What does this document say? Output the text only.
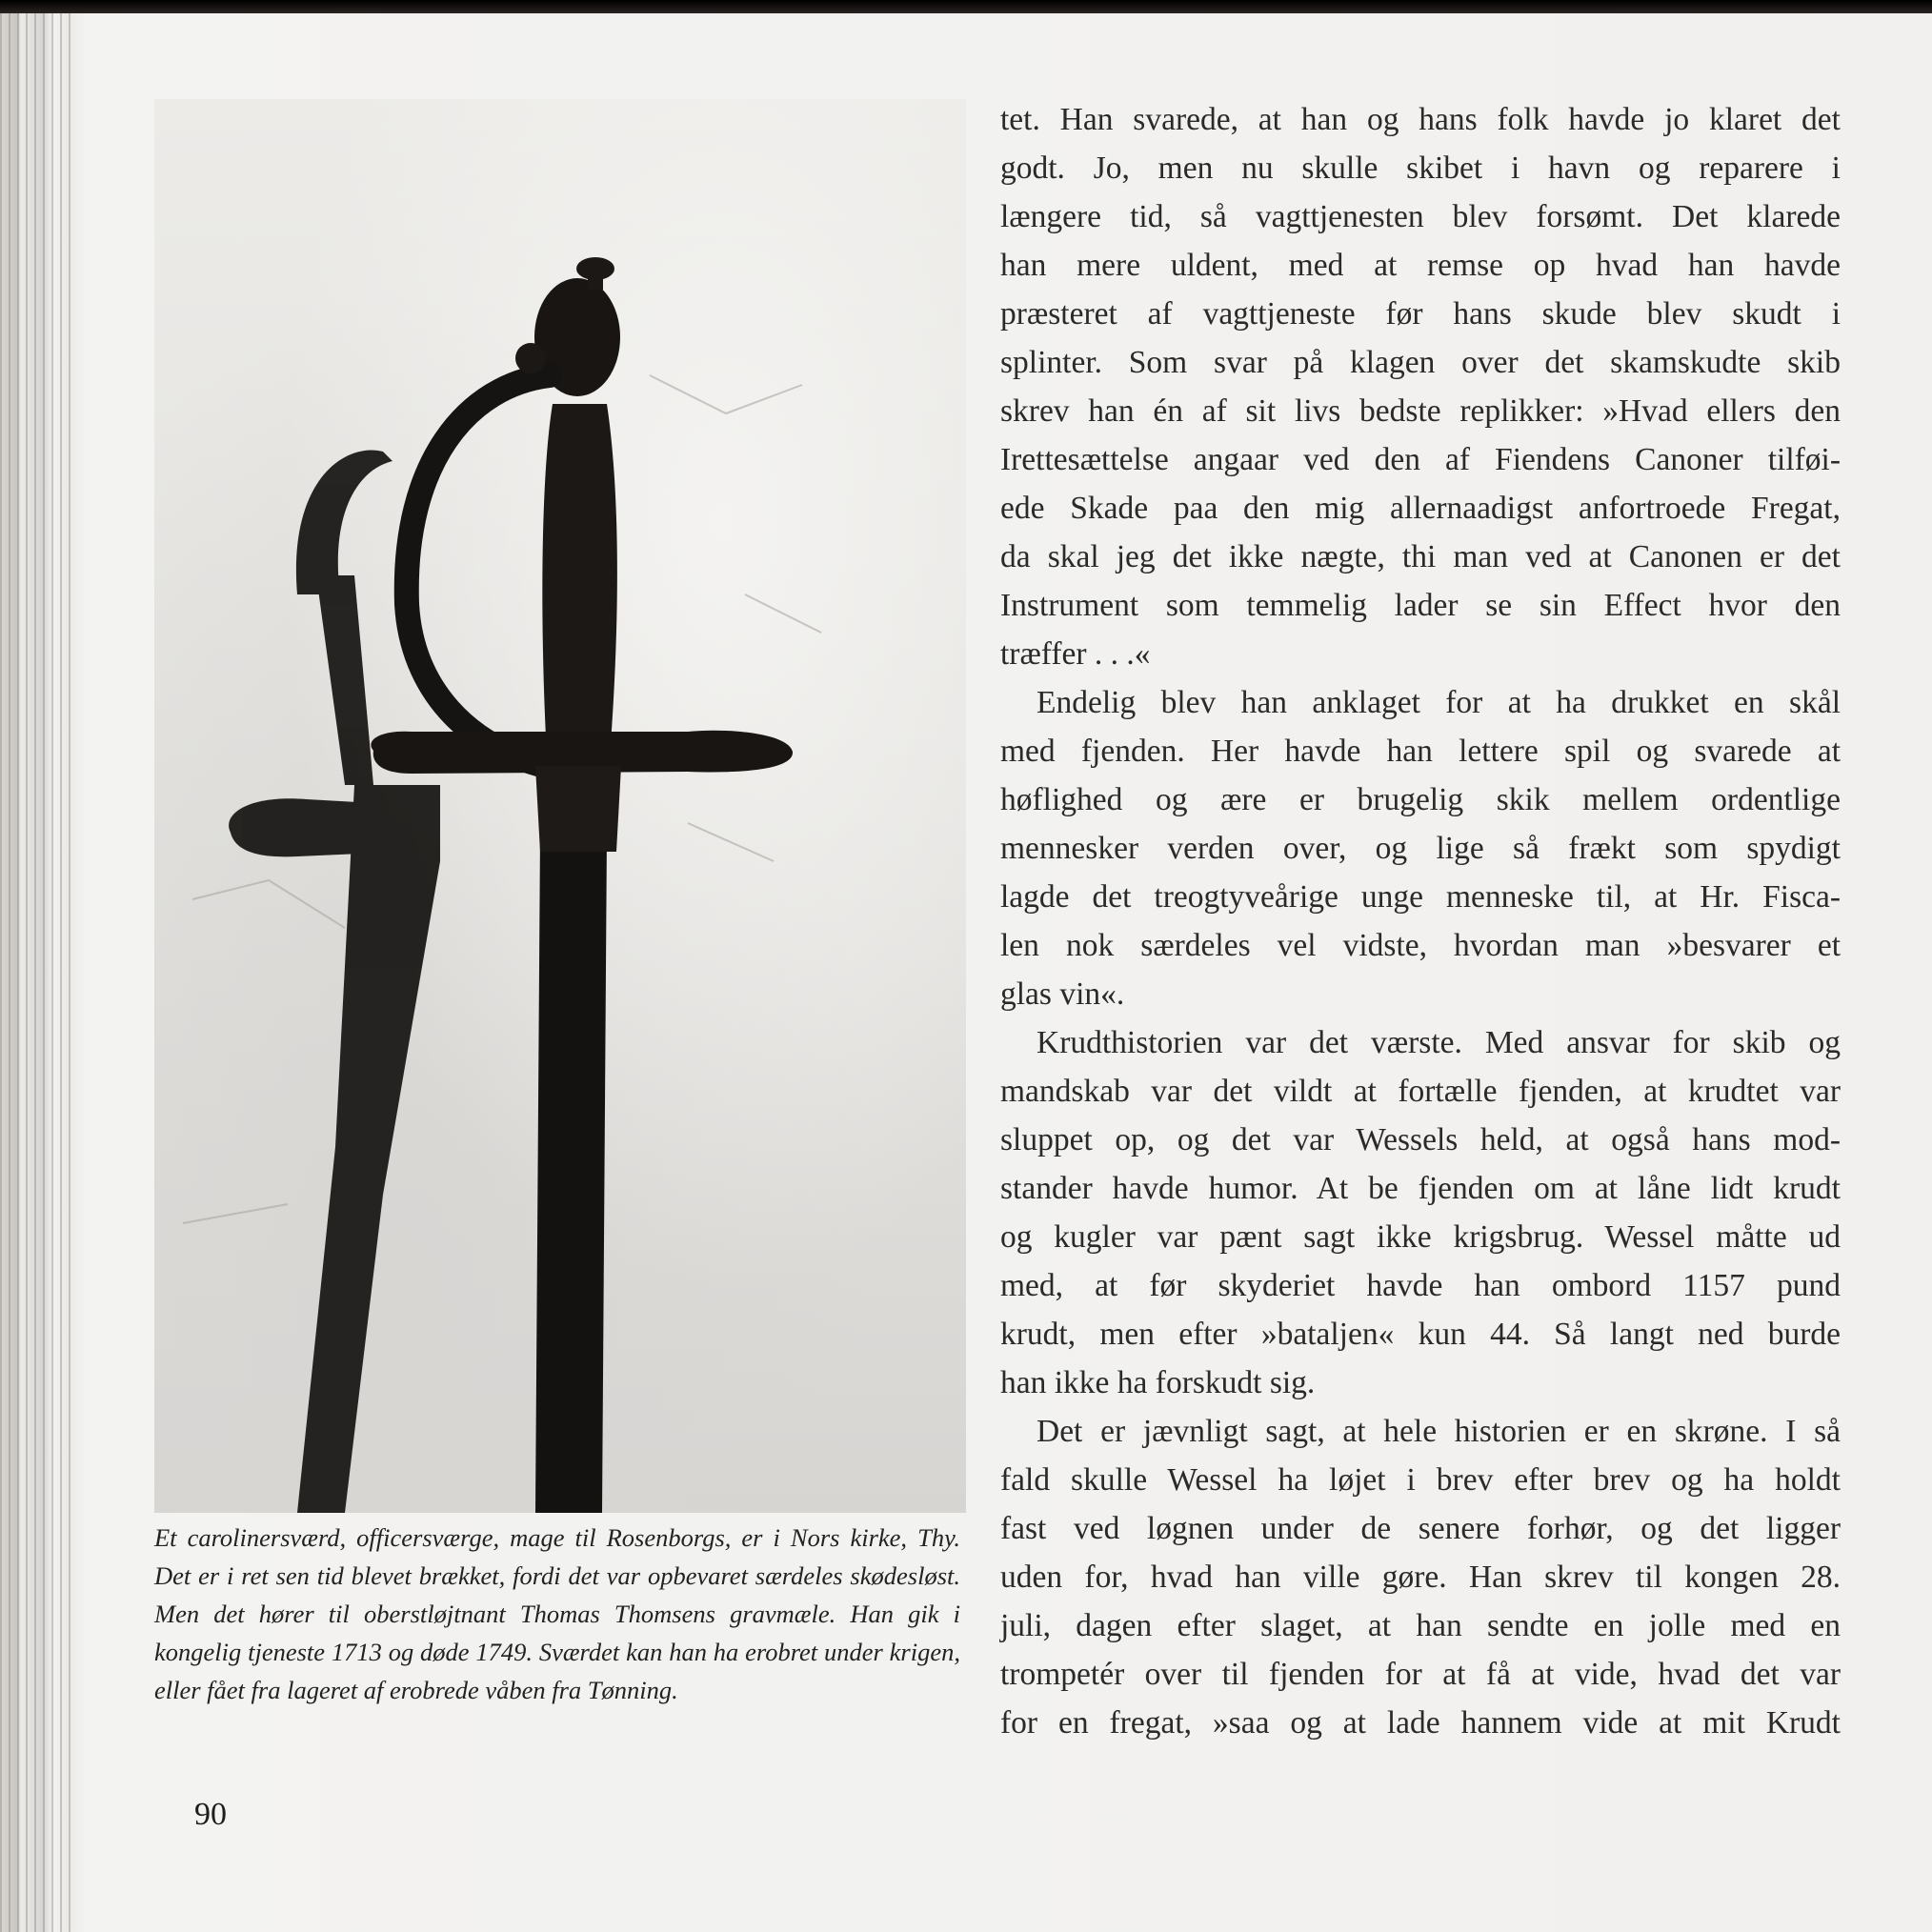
Et carolinersværd, officersværge, mage til Rosenborgs, er i Nors kirke, Thy. Det er i ret sen tid blevet brækket, fordi det var opbevaret særdeles skødesløst. Men det hører til oberstløjtnant Thomas Thomsens gravmæle. Han gik i kongelig tjeneste 1713 og døde 1749. Sværdet kan han ha erobret under krigen, eller fået fra lageret af erobrede våben fra Tønning.
90

tet. Han svarede, at han og hans folk havde jo klaret det

godt. Jo, men nu skulle skibet i havn og reparere i

længere tid, så vagttjenesten blev forsømt. Det klarede

han mere uldent, med at remse op hvad han havde

præsteret af vagttjeneste før hans skude blev skudt i

splinter. Som svar på klagen over det skamskudte skib

skrev han én af sit livs bedste replikker: »Hvad ellers den

Irettesættelse angaar ved den af Fiendens Canoner tilføi-

ede Skade paa den mig allernaadigst anfortroede Fregat,

da skal jeg det ikke nægte, thi man ved at Canonen er det

Instrument som temmelig lader se sin Effect hvor den

træffer . . .«

Endelig blev han anklaget for at ha drukket en skål

med fjenden. Her havde han lettere spil og svarede at

høflighed og ære er brugelig skik mellem ordentlige

mennesker verden over, og lige så frækt som spydigt

lagde det treogtyveårige unge menneske til, at Hr. Fisca-

len nok særdeles vel vidste, hvordan man »besvarer et

glas vin«.

Krudthistorien var det værste. Med ansvar for skib og

mandskab var det vildt at fortælle fjenden, at krudtet var

sluppet op, og det var Wessels held, at også hans mod-

stander havde humor. At be fjenden om at låne lidt krudt

og kugler var pænt sagt ikke krigsbrug. Wessel måtte ud

med, at før skyderiet havde han ombord 1157 pund

krudt, men efter »bataljen« kun 44. Så langt ned burde

han ikke ha forskudt sig.

Det er jævnligt sagt, at hele historien er en skrøne. I så

fald skulle Wessel ha løjet i brev efter brev og ha holdt

fast ved løgnen under de senere forhør, og det ligger

uden for, hvad han ville gøre. Han skrev til kongen 28.

juli, dagen efter slaget, at han sendte en jolle med en

trompetér over til fjenden for at få at vide, hvad det var

for en fregat, »saa og at lade hannem vide at mit Krudt
